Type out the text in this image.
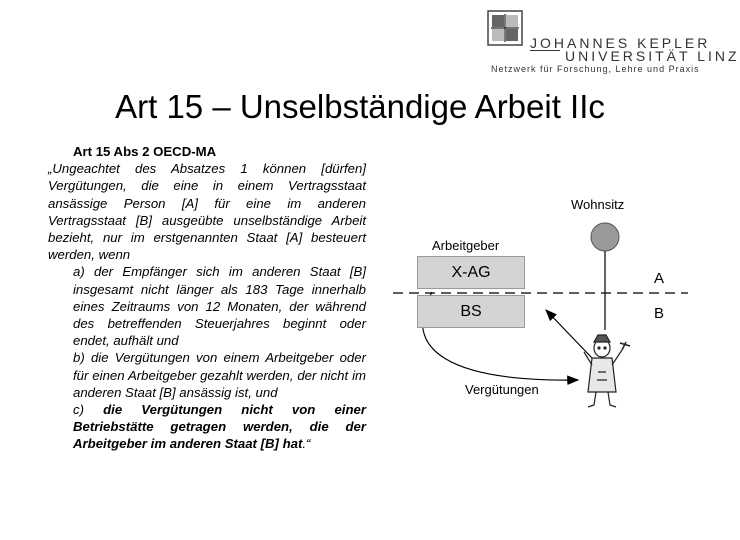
JOHANNES KEPLER
UNIVERSITÄT LINZ
Netzwerk für Forschung, Lehre und Praxis
Art 15 – Unselbständige Arbeit IIc

Art 15 Abs 2 OECD-MA

„Ungeachtet des Absatzes 1 können [dürfen] Vergütungen, die eine in einem Vertragsstaat ansässige Person [A] für eine im anderen Vertragsstaat [B] ausgeübte unselbständige Arbeit bezieht, nur im erstgenannten Staat [A] besteuert werden, wenn

a) der Empfänger sich im anderen Staat [B] insgesamt nicht länger als 183 Tage innerhalb eines Zeitraums von 12 Monaten, der während des betreffenden Steuerjahres beginnt oder endet, aufhält und

b) die Vergütungen von einem Arbeitgeber oder für einen Arbeitgeber gezahlt werden, der nicht im anderen Staat [B] ansässig ist, und

c) die Vergütungen nicht von einer Betriebstätte getragen werden, die der Arbeitgeber im anderen Staat [B] hat.“

Wohnsitz
Arbeitgeber
X-AG
BS
A
B
Vergütungen
